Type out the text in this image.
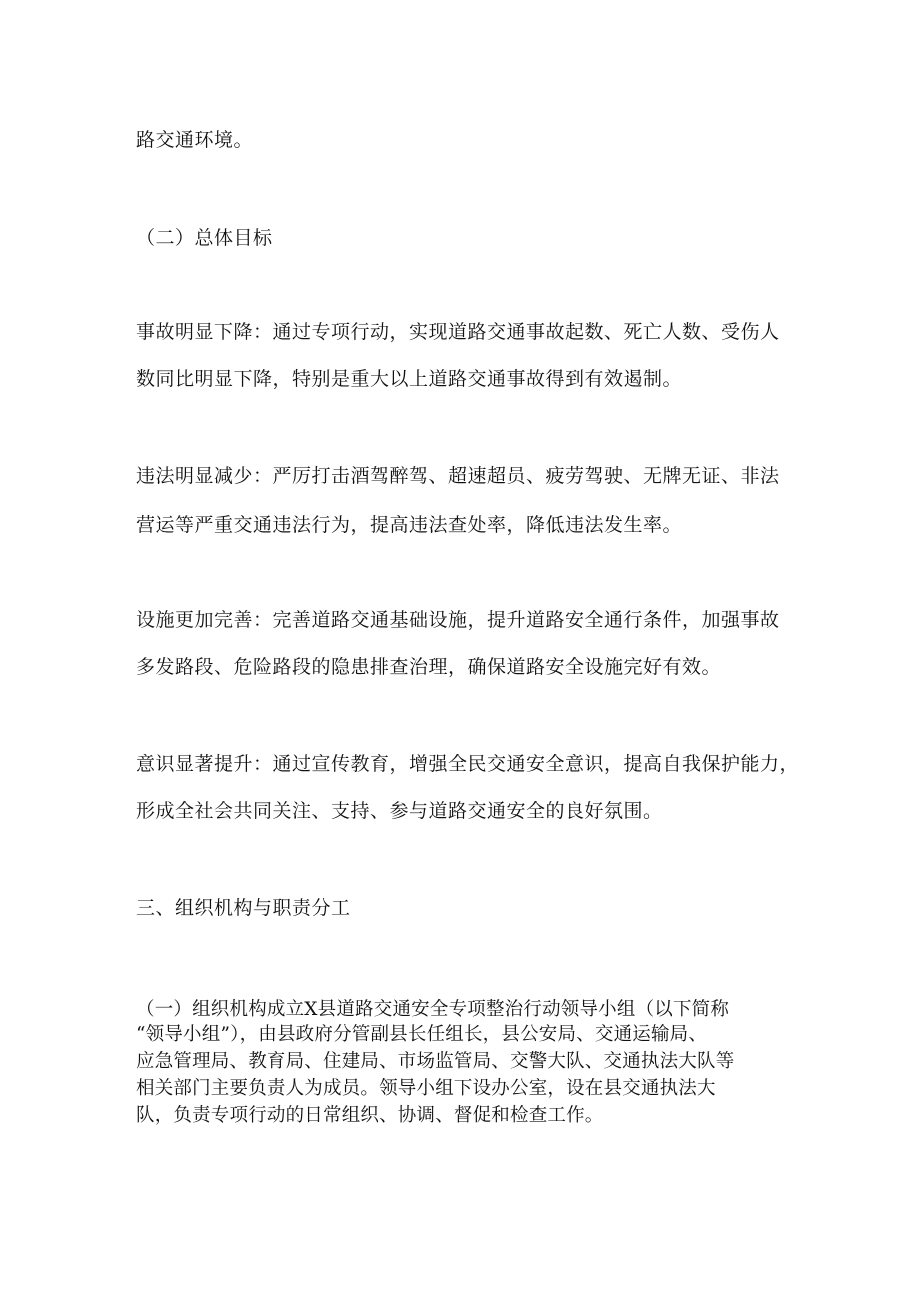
路交通环境。
（二）总体目标
事故明显下降：通过专项行动，实现道路交通事故起数、死亡人数、受伤人
数同比明显下降，特别是重大以上道路交通事故得到有效遏制。
违法明显减少：严厉打击酒驾醉驾、超速超员、疲劳驾驶、无牌无证、非法
营运等严重交通违法行为，提高违法查处率，降低违法发生率。
设施更加完善：完善道路交通基础设施，提升道路安全通行条件，加强事故
多发路段、危险路段的隐患排查治理，确保道路安全设施完好有效。
意识显著提升：通过宣传教育，增强全民交通安全意识，提高自我保护能力，
形成全社会共同关注、支持、参与道路交通安全的良好氛围。
三、组织机构与职责分工
（一）组织机构成立X县道路交通安全专项整治行动领导小组（以下简称
“领导小组”），由县政府分管副县长任组长，县公安局、交通运输局、
应急管理局、教育局、住建局、市场监管局、交警大队、交通执法大队等
相关部门主要负责人为成员。领导小组下设办公室，设在县交通执法大
队，负责专项行动的日常组织、协调、督促和检查工作。
